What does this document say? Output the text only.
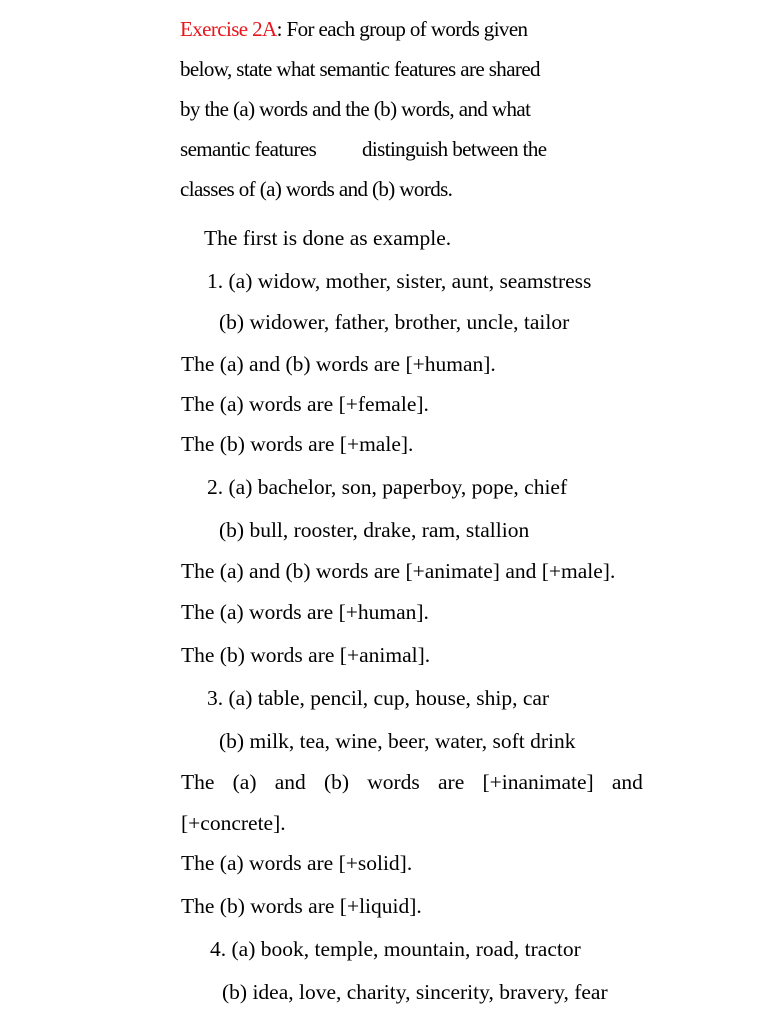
Exercise 2A: For each group of words given
below, state what semantic features are shared
by the (a) words and the (b) words, and what
semantic features distinguish between the
classes of (a) words and (b) words.
The first is done as example.
1. (a) widow, mother, sister, aunt, seamstress
(b) widower, father, brother, uncle, tailor
The (a) and (b) words are [+human].
The (a) words are [+female].
The (b) words are [+male].
2. (a) bachelor, son, paperboy, pope, chief
(b) bull, rooster, drake, ram, stallion
The (a) and (b) words are [+animate] and [+male].
The (a) words are [+human].
The (b) words are [+animal].
3. (a) table, pencil, cup, house, ship, car
(b) milk, tea, wine, beer, water, soft drink
The (a) and (b) words are [+inanimate] and
[+concrete].
The (a) words are [+solid].
The (b) words are [+liquid].
4. (a) book, temple, mountain, road, tractor
(b) idea, love, charity, sincerity, bravery, fear
